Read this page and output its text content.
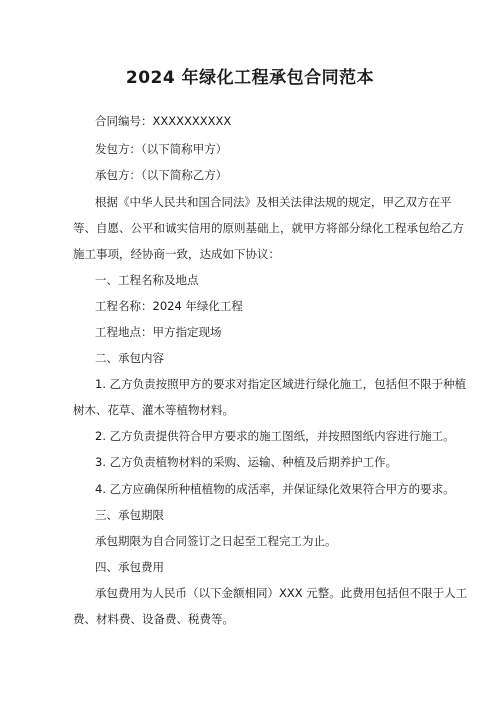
2024 年绿化工程承包合同范本
合同编号：XXXXXXXXXX
发包方：（以下简称甲方）
承包方：（以下简称乙方）
根据《中华人民共和国合同法》及相关法律法规的规定，甲乙双方在平
等、自愿、公平和诚实信用的原则基础上，就甲方将部分绿化工程承包给乙方
施工事项，经协商一致，达成如下协议：
一、工程名称及地点
工程名称：2024 年绿化工程
工程地点：甲方指定现场
二、承包内容
1. 乙方负责按照甲方的要求对指定区域进行绿化施工，包括但不限于种植
树木、花草、灌木等植物材料。
2. 乙方负责提供符合甲方要求的施工图纸，并按照图纸内容进行施工。
3. 乙方负责植物材料的采购、运输、种植及后期养护工作。
4. 乙方应确保所种植植物的成活率，并保证绿化效果符合甲方的要求。
三、承包期限
承包期限为自合同签订之日起至工程完工为止。
四、承包费用
承包费用为人民币（以下金额相同）XXX 元整。此费用包括但不限于人工
费、材料费、设备费、税费等。
